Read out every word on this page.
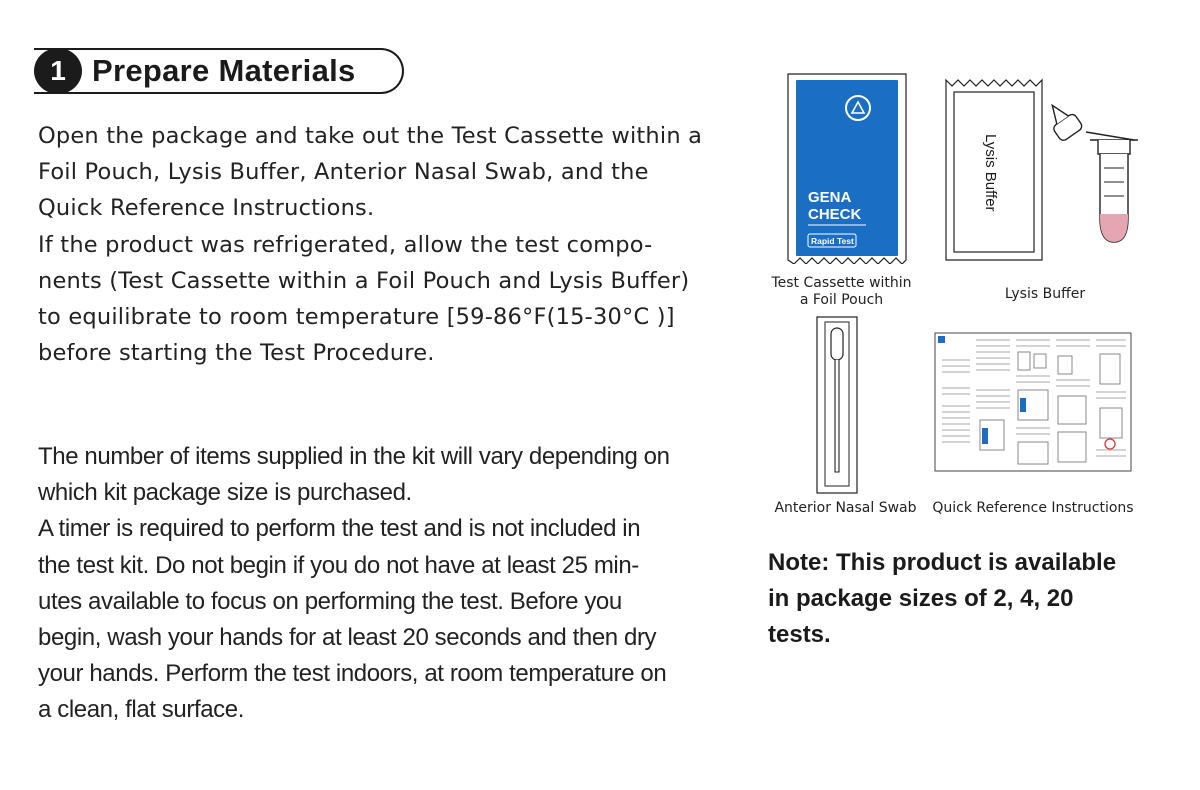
1 Prepare Materials

Open the package and take out the Test Cassette within a
Foil Pouch, Lysis Buffer, Anterior Nasal Swab, and the
Quick Reference Instructions.
If the product was refrigerated, allow the test compo-
nents (Test Cassette within a Foil Pouch and Lysis Buffer)
to equilibrate to room temperature [59-86°F(15-30°C )]
before starting the Test Procedure.

The number of items supplied in the kit will vary depending on
which kit package size is purchased.
A timer is required to perform the test and is not included in
the test kit. Do not begin if you do not have at least 25 min-
utes available to focus on performing the test. Before you
begin, wash your hands for at least 20 seconds and then dry
your hands. Perform the test indoors, at room temperature on
a clean, flat surface.

GENA
CHECK
Rapid Test
Test Cassette within
a Foil Pouch
Lysis Buffer
Lysis Buffer
Anterior Nasal Swab	Quick Reference Instructions

Note: This product is available
in package sizes of 2, 4, 20
tests.
